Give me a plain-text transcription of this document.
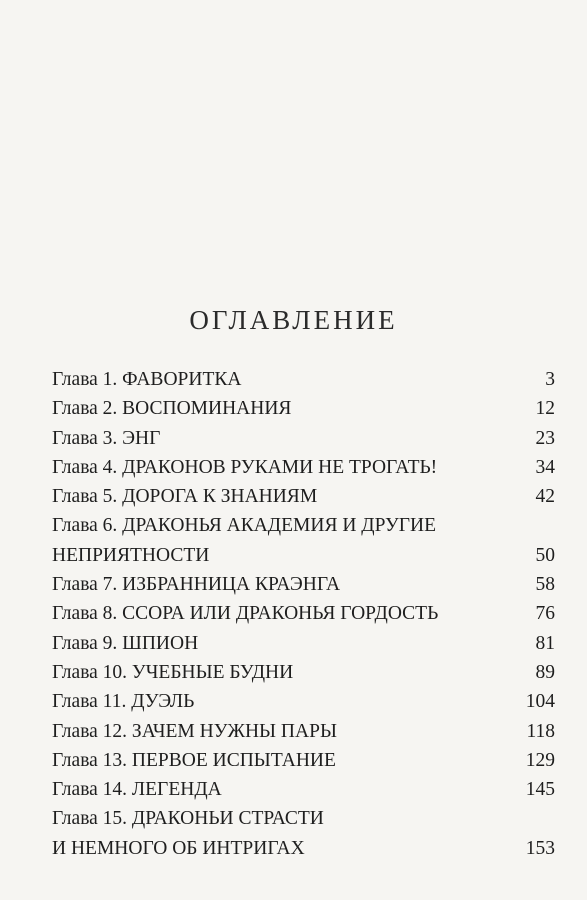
ОГЛАВЛЕНИЕ
Глава 1. ФАВОРИТКА . . .	3
Глава 2. ВОСПОМИНАНИЯ . . .	12
Глава 3. ЭНГ . . .	23
Глава 4. ДРАКОНОВ РУКАМИ НЕ ТРОГАТЬ! . . .	34
Глава 5. ДОРОГА К ЗНАНИЯМ . . .	42
Глава 6. ДРАКОНЬЯ АКАДЕМИЯ И ДРУГИЕ
НЕПРИЯТНОСТИ . . .	50
Глава 7. ИЗБРАННИЦА КРАЭНГА . . .	58
Глава 8. ССОРА ИЛИ ДРАКОНЬЯ ГОРДОСТЬ . . .	76
Глава 9. ШПИОН . . .	81
Глава 10. УЧЕБНЫЕ БУДНИ . . .	89
Глава 11. ДУЭЛЬ . . .	104
Глава 12. ЗАЧЕМ НУЖНЫ ПАРЫ . . .	118
Глава 13. ПЕРВОЕ ИСПЫТАНИЕ . . .	129
Глава 14. ЛЕГЕНДА . . .	145
Глава 15. ДРАКОНЬИ СТРАСТИ
И НЕМНОГО ОБ ИНТРИГАХ . . .	153
